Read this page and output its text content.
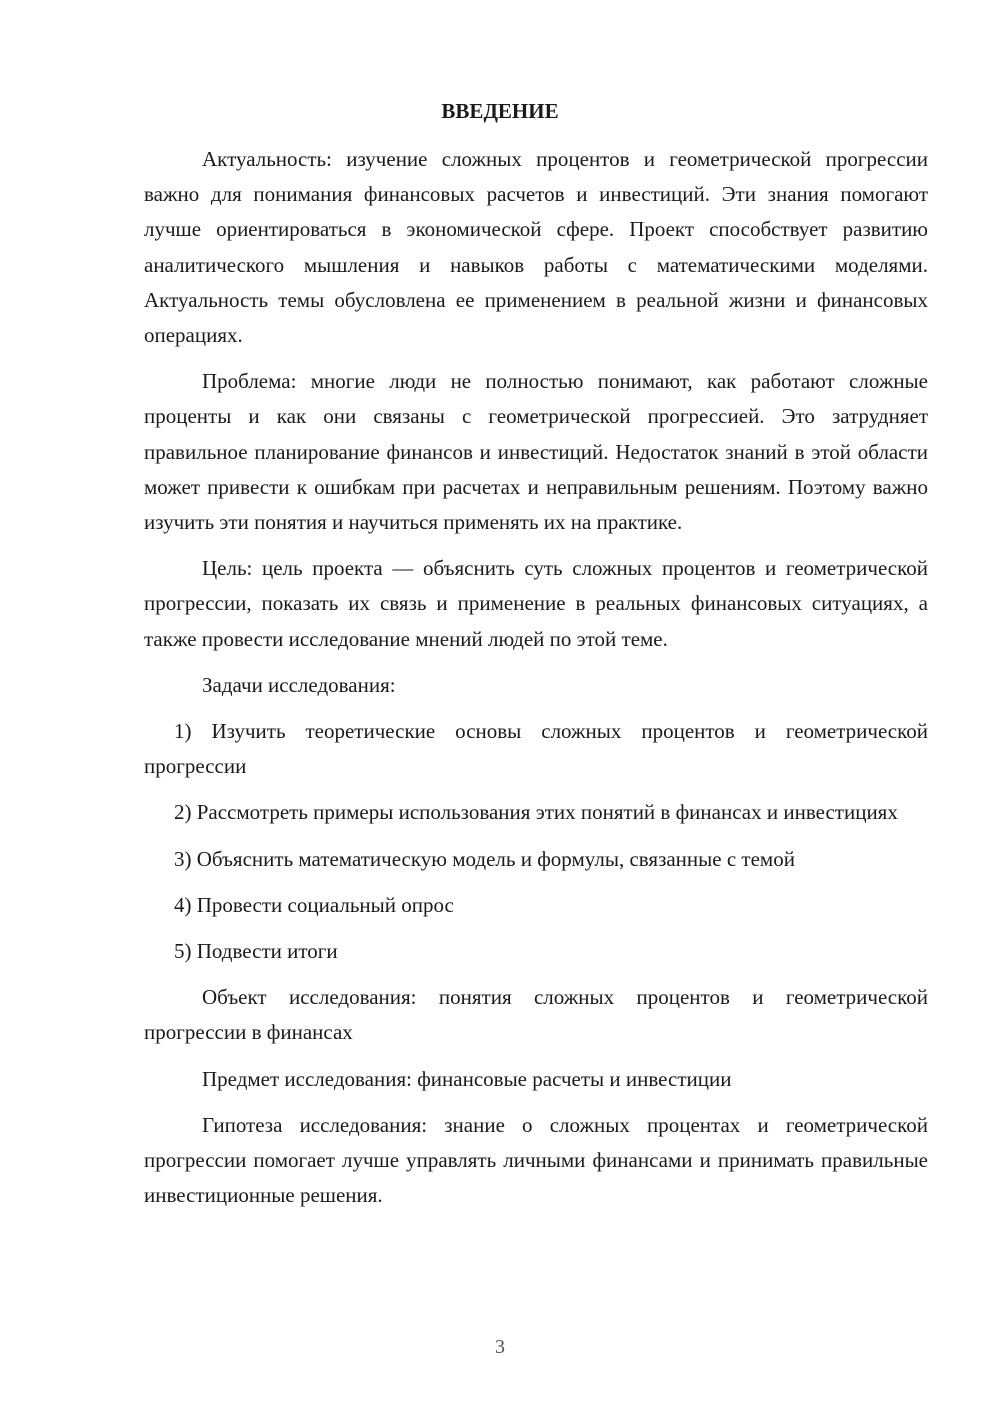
ВВЕДЕНИЕ

Актуальность: изучение сложных процентов и геометрической прогрессии важно для понимания финансовых расчетов и инвестиций. Эти знания помогают лучше ориентироваться в экономической сфере. Проект способствует развитию аналитического мышления и навыков работы с математическими моделями. Актуальность темы обусловлена ее применением в реальной жизни и финансовых операциях.

Проблема: многие люди не полностью понимают, как работают сложные проценты и как они связаны с геометрической прогрессией. Это затрудняет правильное планирование финансов и инвестиций. Недостаток знаний в этой области может привести к ошибкам при расчетах и неправильным решениям. Поэтому важно изучить эти понятия и научиться применять их на практике.

Цель: цель проекта — объяснить суть сложных процентов и геометрической прогрессии, показать их связь и применение в реальных финансовых ситуациях, а также провести исследование мнений людей по этой теме.

Задачи исследования:

1) Изучить теоретические основы сложных процентов и геометрической прогрессии

2) Рассмотреть примеры использования этих понятий в финансах и инвестициях

3) Объяснить математическую модель и формулы, связанные с темой

4) Провести социальный опрос

5) Подвести итоги

Объект исследования: понятия сложных процентов и геометрической прогрессии в финансах

Предмет исследования: финансовые расчеты и инвестиции

Гипотеза исследования: знание о сложных процентах и геометрической прогрессии помогает лучше управлять личными финансами и принимать правильные инвестиционные решения.

3
